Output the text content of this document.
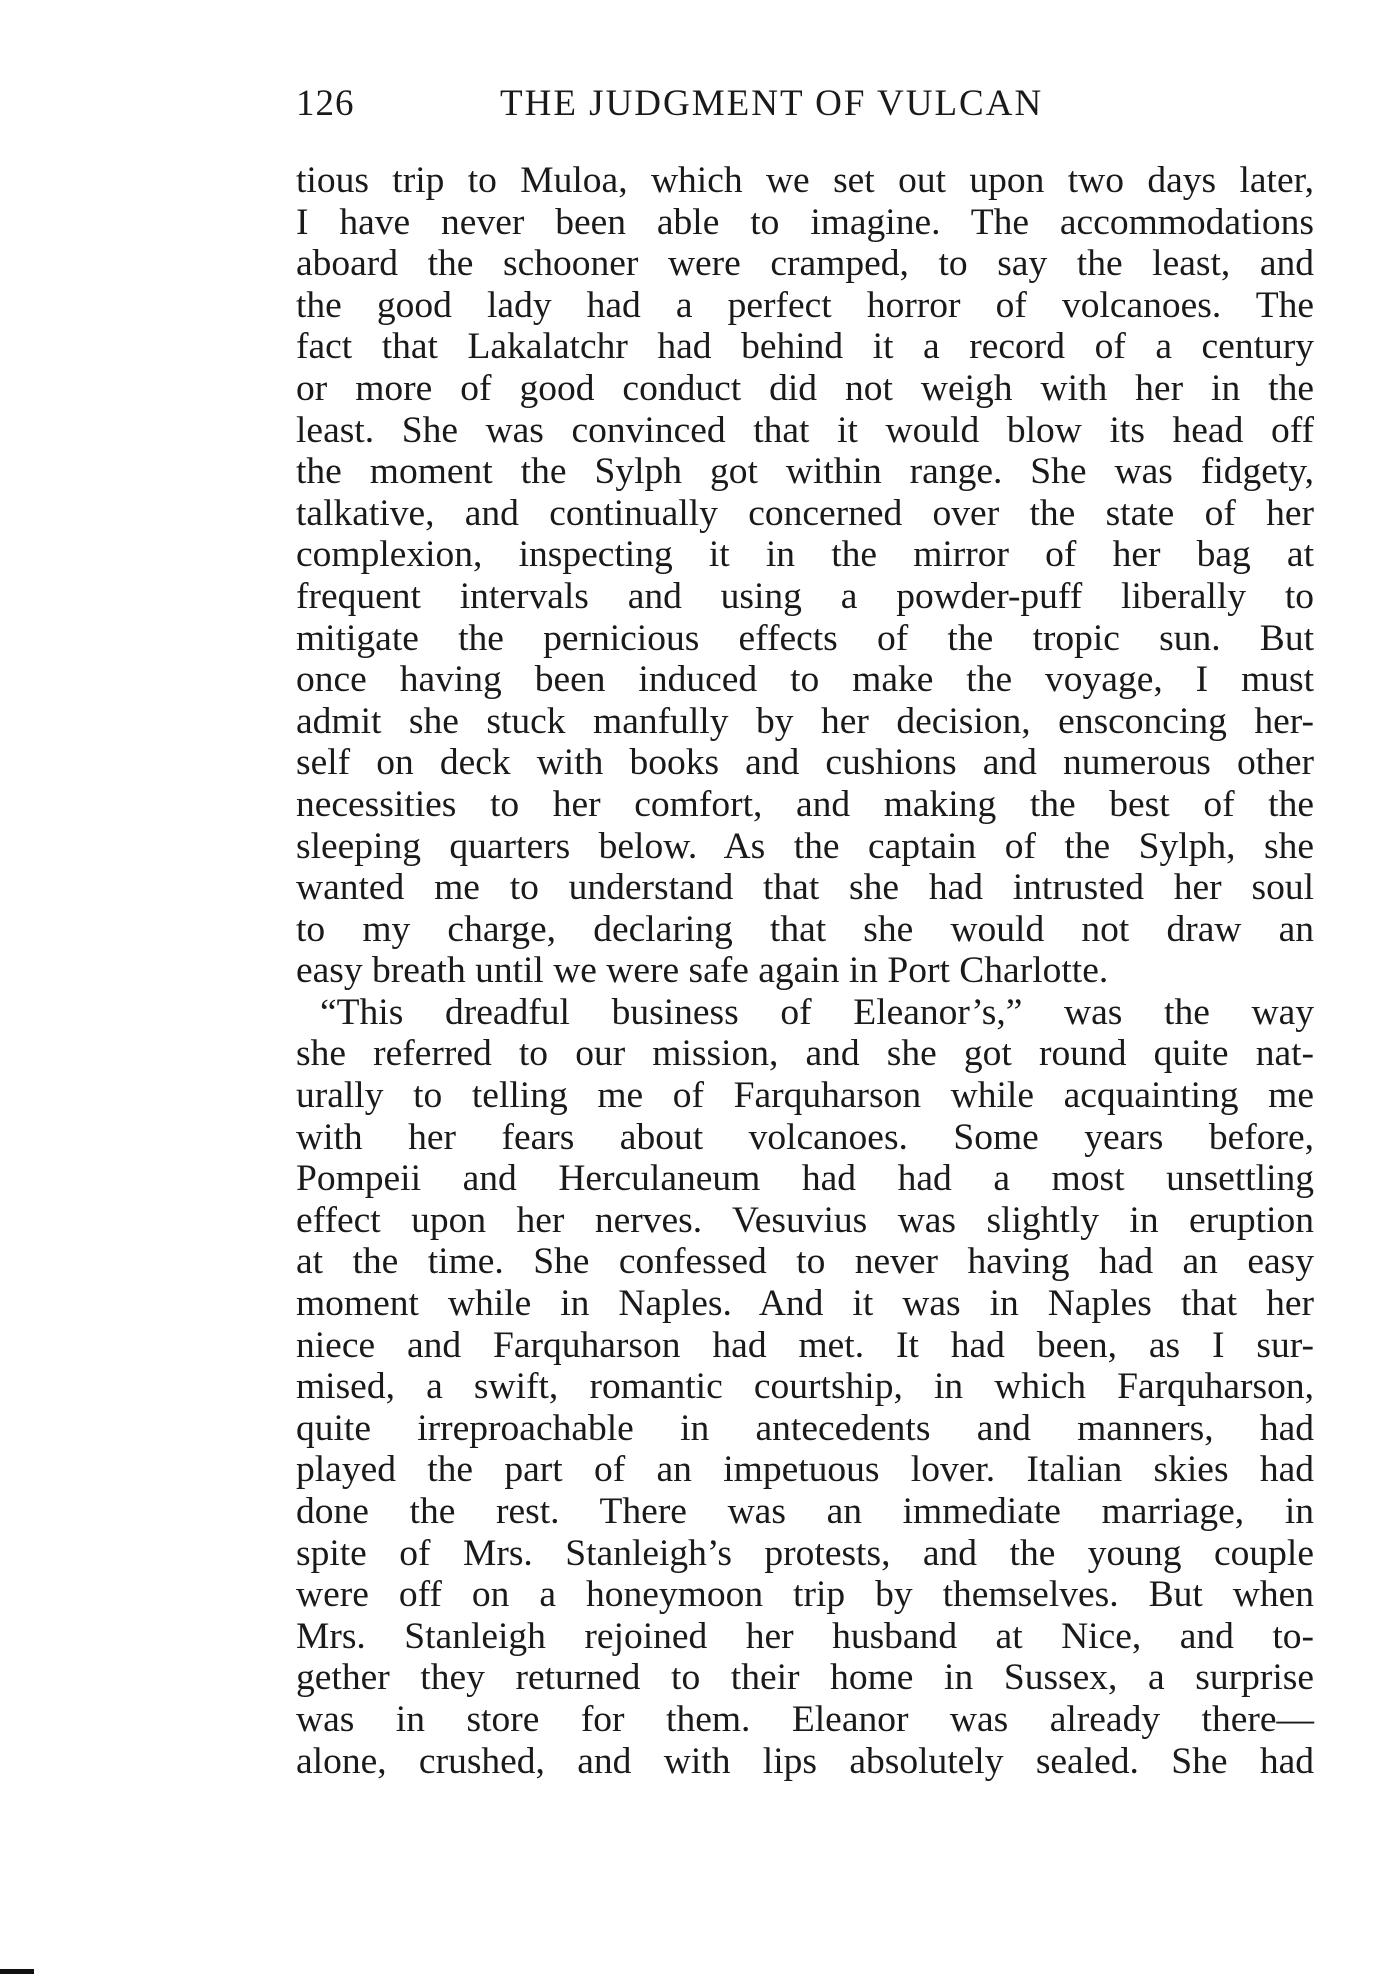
126	THE JUDGMENT OF VULCAN
tious trip to Muloa, which we set out upon two days later,
I have never been able to imagine. The accommodations
aboard the schooner were cramped, to say the least, and
the good lady had a perfect horror of volcanoes. The
fact that Lakalatchr had behind it a record of a century
or more of good conduct did not weigh with her in the
least. She was convinced that it would blow its head off
the moment the Sylph got within range. She was fidgety,
talkative, and continually concerned over the state of her
complexion, inspecting it in the mirror of her bag at
frequent intervals and using a powder-puff liberally to
mitigate the pernicious effects of the tropic sun. But
once having been induced to make the voyage, I must
admit she stuck manfully by her decision, ensconcing her-
self on deck with books and cushions and numerous other
necessities to her comfort, and making the best of the
sleeping quarters below. As the captain of the Sylph, she
wanted me to understand that she had intrusted her soul
to my charge, declaring that she would not draw an
easy breath until we were safe again in Port Charlotte.
“This dreadful business of Eleanor’s,” was the way
she referred to our mission, and she got round quite nat-
urally to telling me of Farquharson while acquainting me
with her fears about volcanoes. Some years before,
Pompeii and Herculaneum had had a most unsettling
effect upon her nerves. Vesuvius was slightly in eruption
at the time. She confessed to never having had an easy
moment while in Naples. And it was in Naples that her
niece and Farquharson had met. It had been, as I sur-
mised, a swift, romantic courtship, in which Farquharson,
quite irreproachable in antecedents and manners, had
played the part of an impetuous lover. Italian skies had
done the rest. There was an immediate marriage, in
spite of Mrs. Stanleigh’s protests, and the young couple
were off on a honeymoon trip by themselves. But when
Mrs. Stanleigh rejoined her husband at Nice, and to-
gether they returned to their home in Sussex, a surprise
was in store for them. Eleanor was already there—
alone, crushed, and with lips absolutely sealed. She had
